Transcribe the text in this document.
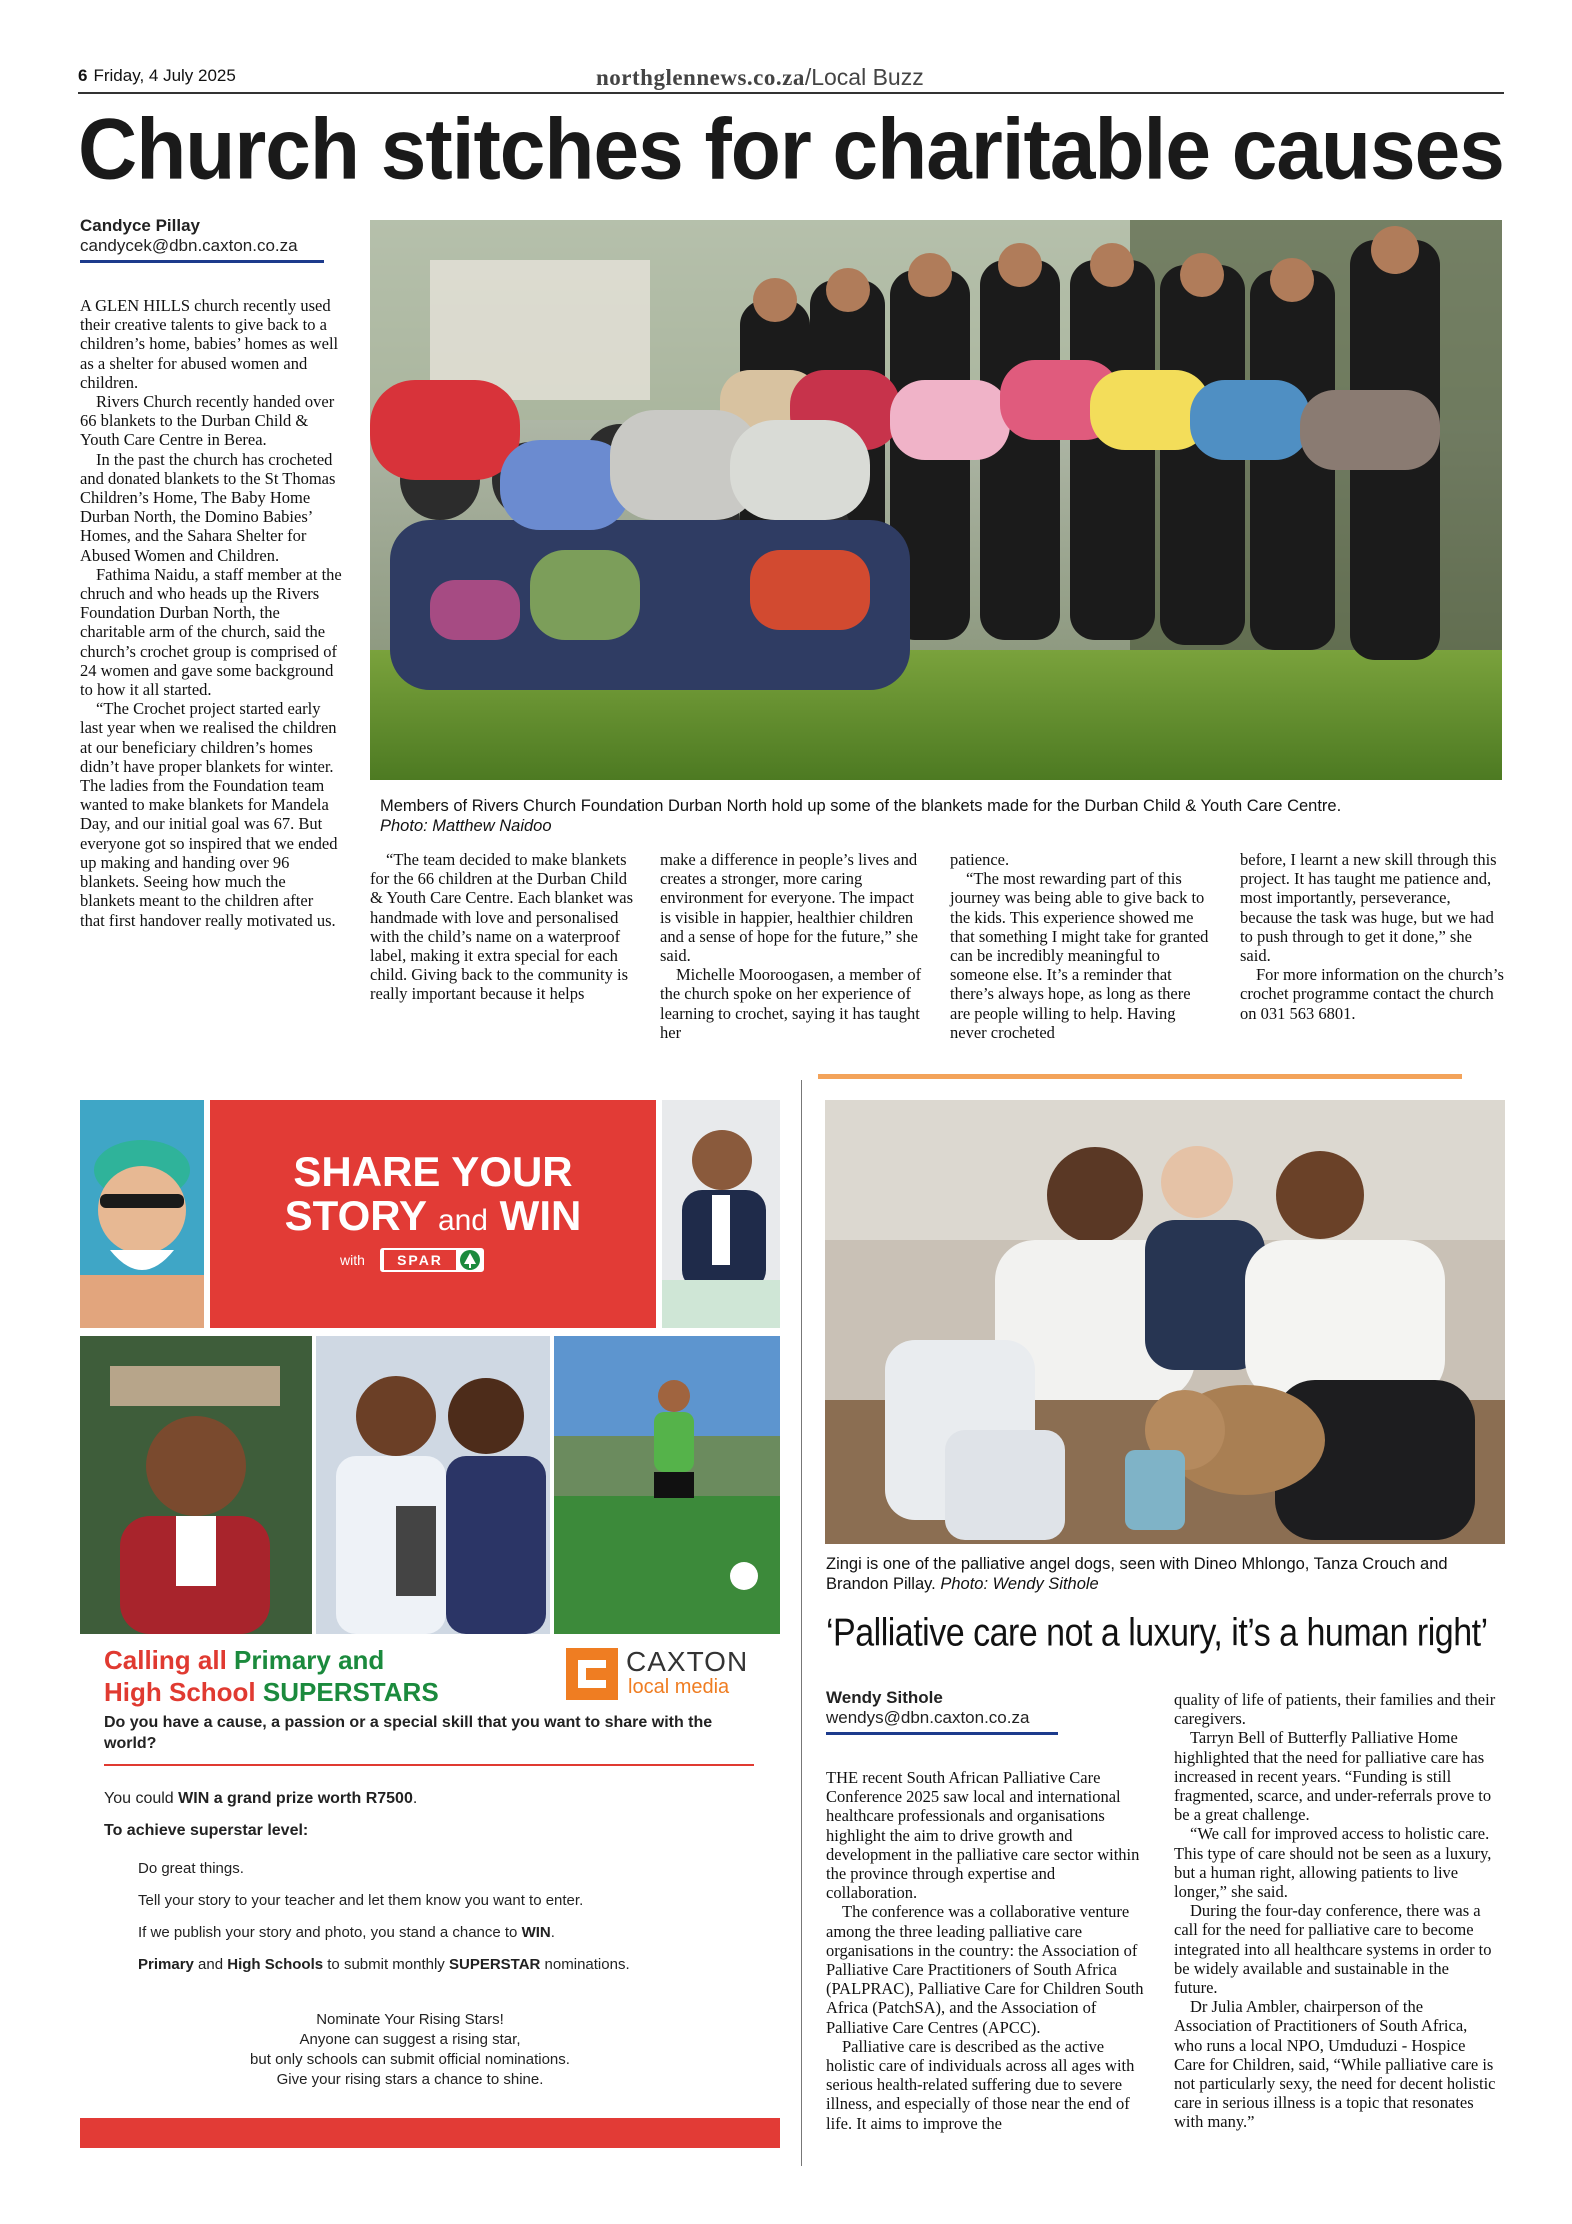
6 Friday, 4 July 2025	northglennews.co.za/Local Buzz
Church stitches for charitable causes
Candyce Pillay
candycek@dbn.caxton.co.za

A GLEN HILLS church recently used their creative talents to give back to a children’s home, babies’ homes as well as a shelter for abused women and children.

Rivers Church recently handed over 66 blankets to the Durban Child & Youth Care Centre in Berea.

In the past the church has crocheted and donated blankets to the St Thomas Children’s Home, The Baby Home Durban North, the Domino Babies’ Homes, and the Sahara Shelter for Abused Women and Children.

Fathima Naidu, a staff member at the chruch and who heads up the Rivers Foundation Durban North, the charitable arm of the church, said the church’s crochet group is comprised of 24 women and gave some background to how it all started.

“The Crochet project started early last year when we realised the children at our beneficiary children’s homes didn’t have proper blankets for winter. The ladies from the Foundation team wanted to make blankets for Mandela Day, and our initial goal was 67. But everyone got so inspired that we ended up making and handing over 96 blankets. Seeing how much the blankets meant to the children after that first handover really motivated us.

Members of Rivers Church Foundation Durban North hold up some of the blankets made for the Durban Child & Youth Care Centre.
Photo: Matthew Naidoo

“The team decided to make blankets for the 66 children at the Durban Child & Youth Care Centre. Each blanket was handmade with love and personalised with the child’s name on a waterproof label, making it extra special for each child. Giving back to the community is really important because it helps

make a difference in people’s lives and creates a stronger, more caring environment for everyone. The impact is visible in happier, healthier children and a sense of hope for the future,” she said.

Michelle Mooroogasen, a member of the church spoke on her experience of learning to crochet, saying it has taught her

patience.

“The most rewarding part of this journey was being able to give back to the kids. This experience showed me that something I might take for granted can be incredibly meaningful to someone else. It’s a reminder that there’s always hope, as long as there are people willing to help. Having never crocheted

before, I learnt a new skill through this project. It has taught me patience and, most importantly, perseverance, because the task was huge, but we had to push through to get it done,” she said.

For more information on the church’s crochet programme contact the church on 031 563 6801.

SHARE YOUR
STORY and WIN
with	SPAR
Calling all Primary and
High School SUPERSTARS
CAXTON
local media
Do you have a cause, a passion or a special skill that you want to share with the world?
You could WIN a grand prize worth R7500.
To achieve superstar level:
Do great things.
Tell your story to your teacher and let them know you want to enter.
If we publish your story and photo, you stand a chance to WIN.
Primary and High Schools to submit monthly SUPERSTAR nominations.
Nominate Your Rising Stars!
Anyone can suggest a rising star,
but only schools can submit official nominations.
Give your rising stars a chance to shine.
Zingi is one of the palliative angel dogs, seen with Dineo Mhlongo, Tanza Crouch and Brandon Pillay. Photo: Wendy Sithole
‘Palliative care not a luxury, it’s a human right’
Wendy Sithole
wendys@dbn.caxton.co.za

THE recent South African Palliative Care Conference 2025 saw local and international healthcare professionals and organisations highlight the aim to drive growth and development in the palliative care sector within the province through expertise and collaboration.

The conference was a collaborative venture among the three leading palliative care organisations in the country: the Association of Palliative Care Practitioners of South Africa (PALPRAC), Palliative Care for Children South Africa (PatchSA), and the Association of Palliative Care Centres (APCC).

Palliative care is described as the active holistic care of individuals across all ages with serious health-related suffering due to severe illness, and especially of those near the end of life. It aims to improve the

quality of life of patients, their families and their caregivers.

Tarryn Bell of Butterfly Palliative Home highlighted that the need for palliative care has increased in recent years. “Funding is still fragmented, scarce, and under-referrals prove to be a great challenge.

“We call for improved access to holistic care. This type of care should not be seen as a luxury, but a human right, allowing patients to live longer,” she said.

During the four-day conference, there was a call for the need for palliative care to become integrated into all healthcare systems in order to be widely available and sustainable in the future.

Dr Julia Ambler, chairperson of the Association of Practitioners of South Africa, who runs a local NPO, Umduduzi - Hospice Care for Children, said, “While palliative care is not particularly sexy, the need for decent holistic care in serious illness is a topic that resonates with many.”
